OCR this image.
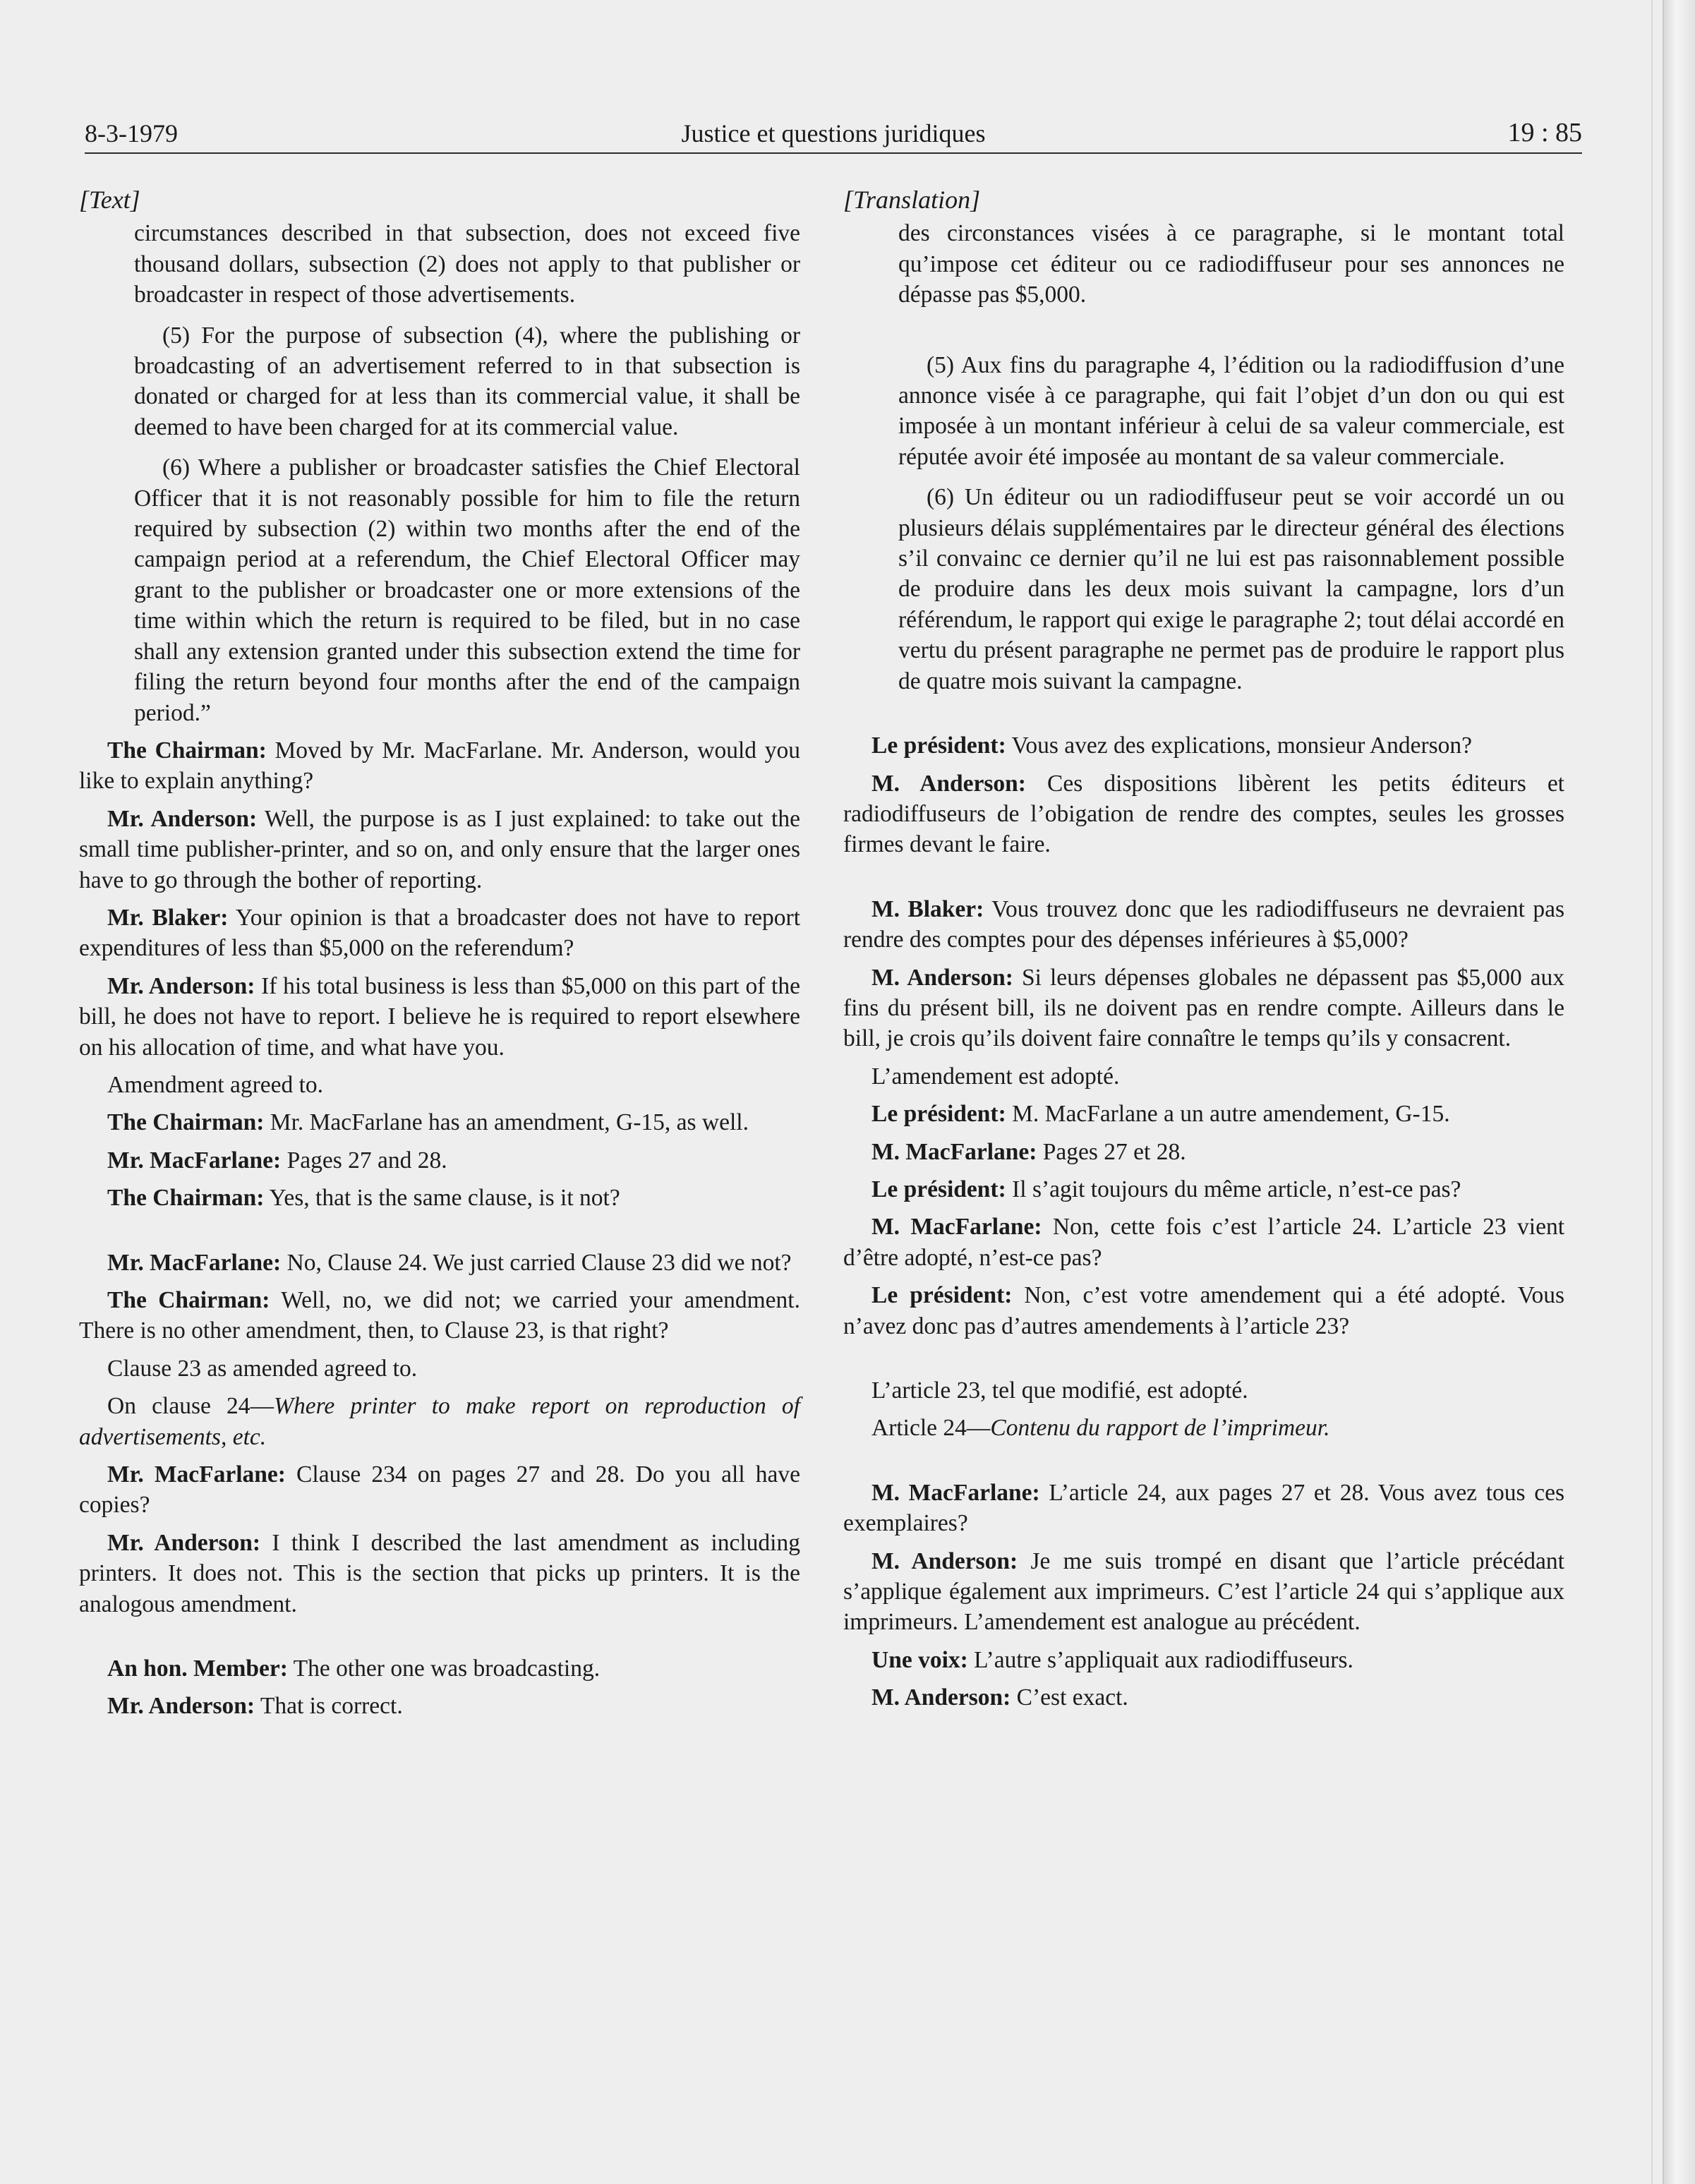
8-3-1979	Justice et questions juridiques	19 : 85

[Text]

circumstances described in that subsection, does not exceed five thousand dollars, subsection (2) does not apply to that publisher or broadcaster in respect of those advertisements.

(5) For the purpose of subsection (4), where the publishing or broadcasting of an advertisement referred to in that subsection is donated or charged for at less than its commercial value, it shall be deemed to have been charged for at its commercial value.

(6) Where a publisher or broadcaster satisfies the Chief Electoral Officer that it is not reasonably possible for him to file the return required by subsection (2) within two months after the end of the campaign period at a referendum, the Chief Electoral Officer may grant to the publisher or broadcaster one or more extensions of the time within which the return is required to be filed, but in no case shall any extension granted under this subsection extend the time for filing the return beyond four months after the end of the campaign period.”

The Chairman: Moved by Mr. MacFarlane. Mr. Anderson, would you like to explain anything?

Mr. Anderson: Well, the purpose is as I just explained: to take out the small time publisher-printer, and so on, and only ensure that the larger ones have to go through the bother of reporting.

Mr. Blaker: Your opinion is that a broadcaster does not have to report expenditures of less than $5,000 on the referendum?

Mr. Anderson: If his total business is less than $5,000 on this part of the bill, he does not have to report. I believe he is required to report elsewhere on his allocation of time, and what have you.

Amendment agreed to.

The Chairman: Mr. MacFarlane has an amendment, G-15, as well.

Mr. MacFarlane: Pages 27 and 28.

The Chairman: Yes, that is the same clause, is it not?

Mr. MacFarlane: No, Clause 24. We just carried Clause 23 did we not?

The Chairman: Well, no, we did not; we carried your amendment. There is no other amendment, then, to Clause 23, is that right?

Clause 23 as amended agreed to.

On clause 24—Where printer to make report on reproduction of advertisements, etc.

Mr. MacFarlane: Clause 234 on pages 27 and 28. Do you all have copies?

Mr. Anderson: I think I described the last amendment as including printers. It does not. This is the section that picks up printers. It is the analogous amendment.

An hon. Member: The other one was broadcasting.

Mr. Anderson: That is correct.

[Translation]

des circonstances visées à ce paragraphe, si le montant total qu’impose cet éditeur ou ce radiodiffuseur pour ses annonces ne dépasse pas $5,000.

(5) Aux fins du paragraphe 4, l’édition ou la radiodiffusion d’une annonce visée à ce paragraphe, qui fait l’objet d’un don ou qui est imposée à un montant inférieur à celui de sa valeur commerciale, est réputée avoir été imposée au montant de sa valeur commerciale.

(6) Un éditeur ou un radiodiffuseur peut se voir accordé un ou plusieurs délais supplémentaires par le directeur général des élections s’il convainc ce dernier qu’il ne lui est pas raisonnablement possible de produire dans les deux mois suivant la campagne, lors d’un référendum, le rapport qui exige le paragraphe 2; tout délai accordé en vertu du présent paragraphe ne permet pas de produire le rapport plus de quatre mois suivant la campagne.

Le président: Vous avez des explications, monsieur Anderson?

M. Anderson: Ces dispositions libèrent les petits éditeurs et radiodiffuseurs de l’obigation de rendre des comptes, seules les grosses firmes devant le faire.

M. Blaker: Vous trouvez donc que les radiodiffuseurs ne devraient pas rendre des comptes pour des dépenses inférieures à $5,000?

M. Anderson: Si leurs dépenses globales ne dépassent pas $5,000 aux fins du présent bill, ils ne doivent pas en rendre compte. Ailleurs dans le bill, je crois qu’ils doivent faire connaître le temps qu’ils y consacrent.

L’amendement est adopté.

Le président: M. MacFarlane a un autre amendement, G-15.

M. MacFarlane: Pages 27 et 28.

Le président: Il s’agit toujours du même article, n’est-ce pas?

M. MacFarlane: Non, cette fois c’est l’article 24. L’article 23 vient d’être adopté, n’est-ce pas?

Le président: Non, c’est votre amendement qui a été adopté. Vous n’avez donc pas d’autres amendements à l’article 23?

L’article 23, tel que modifié, est adopté.

Article 24—Contenu du rapport de l’imprimeur.

M. MacFarlane: L’article 24, aux pages 27 et 28. Vous avez tous ces exemplaires?

M. Anderson: Je me suis trompé en disant que l’article précédant s’applique également aux imprimeurs. C’est l’article 24 qui s’applique aux imprimeurs. L’amendement est analogue au précédent.

Une voix: L’autre s’appliquait aux radiodiffuseurs.

M. Anderson: C’est exact.
